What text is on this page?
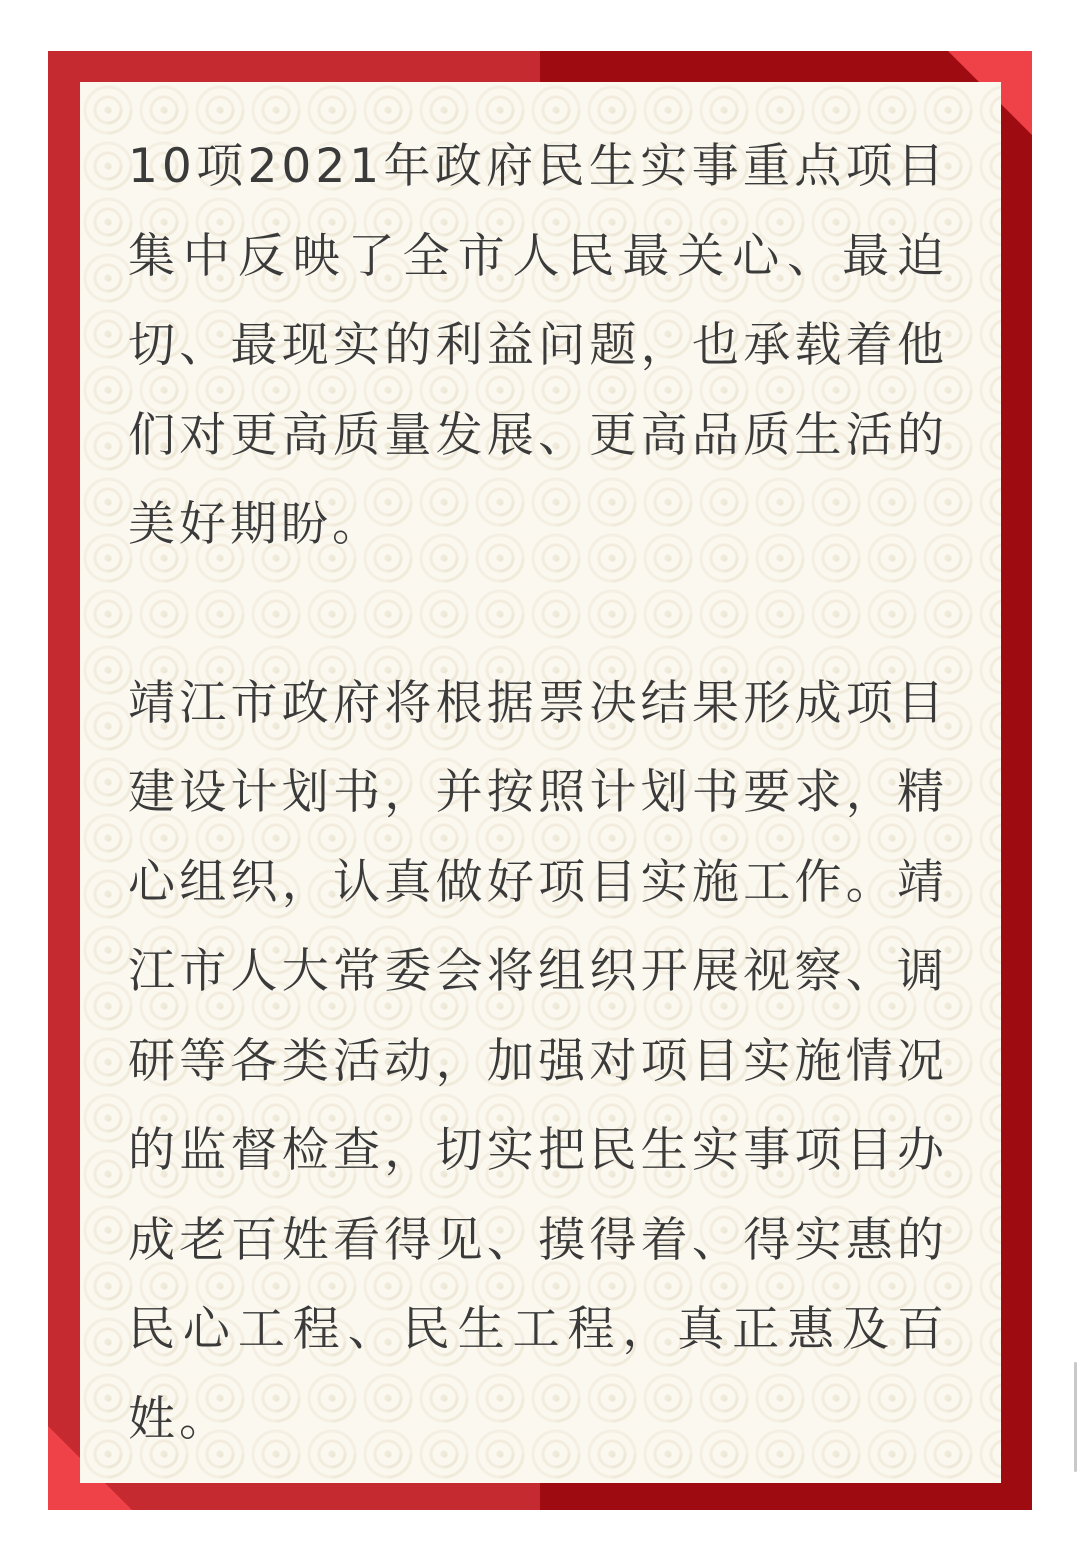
10项2021年政府民生实事重点项目集中反映了全市人民最关心、最迫切、最现实的利益问题，也承载着他们对更高质量发展、更高品质生活的美好期盼。

靖江市政府将根据票决结果形成项目建设计划书，并按照计划书要求，精心组织，认真做好项目实施工作。靖江市人大常委会将组织开展视察、调研等各类活动，加强对项目实施情况的监督检查，切实把民生实事项目办成老百姓看得见、摸得着、得实惠的民心工程、民生工程，真正惠及百姓。
